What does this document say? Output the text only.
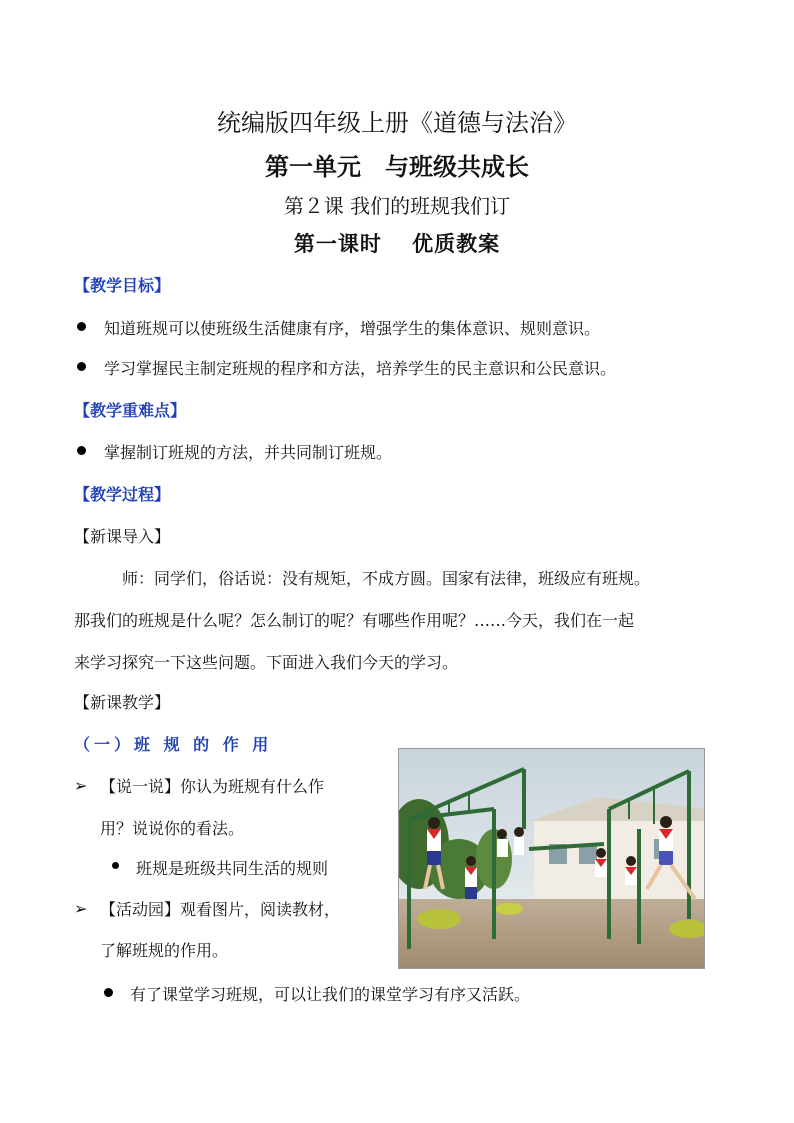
统编版四年级上册《道德与法治》
第一单元　与班级共成长
第２课 我们的班规我们订
第一课时　 优质教案
【教学目标】
知道班规可以使班级生活健康有序，增强学生的集体意识、规则意识。
学习掌握民主制定班规的程序和方法，培养学生的民主意识和公民意识。
【教学重难点】
掌握制订班规的方法，并共同制订班规。
【教学过程】
【新课导入】
师：同学们，俗话说：没有规矩，不成方圆。国家有法律，班级应有班规。
那我们的班规是什么呢？怎么制订的呢？有哪些作用呢？……今天，我们在一起
来学习探究一下这些问题。下面进入我们今天的学习。
【新课教学】
（一）班 规 的 作 用
➢ 【说一说】你认为班规有什么作
用？说说你的看法。
班规是班级共同生活的规则
➢ 【活动园】观看图片，阅读教材，
了解班规的作用。
有了课堂学习班规，可以让我们的课堂学习有序又活跃。
